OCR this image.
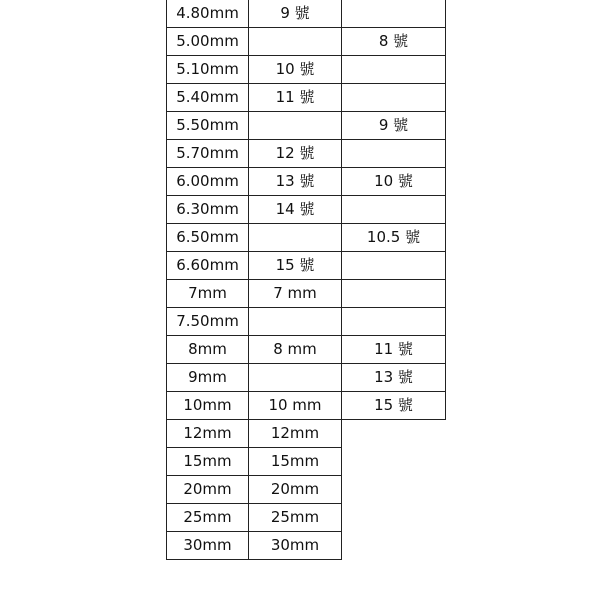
4.80mm	9 號	
5.00mm		8 號
5.10mm	10 號	
5.40mm	11 號	
5.50mm		9 號
5.70mm	12 號	
6.00mm	13 號	10 號
6.30mm	14 號	
6.50mm		10.5 號
6.60mm	15 號	
7mm	7 mm	
7.50mm		
8mm	8 mm	11 號
9mm		13 號
10mm	10 mm	15 號
12mm	12mm	
15mm	15mm	
20mm	20mm	
25mm	25mm	
30mm	30mm	
